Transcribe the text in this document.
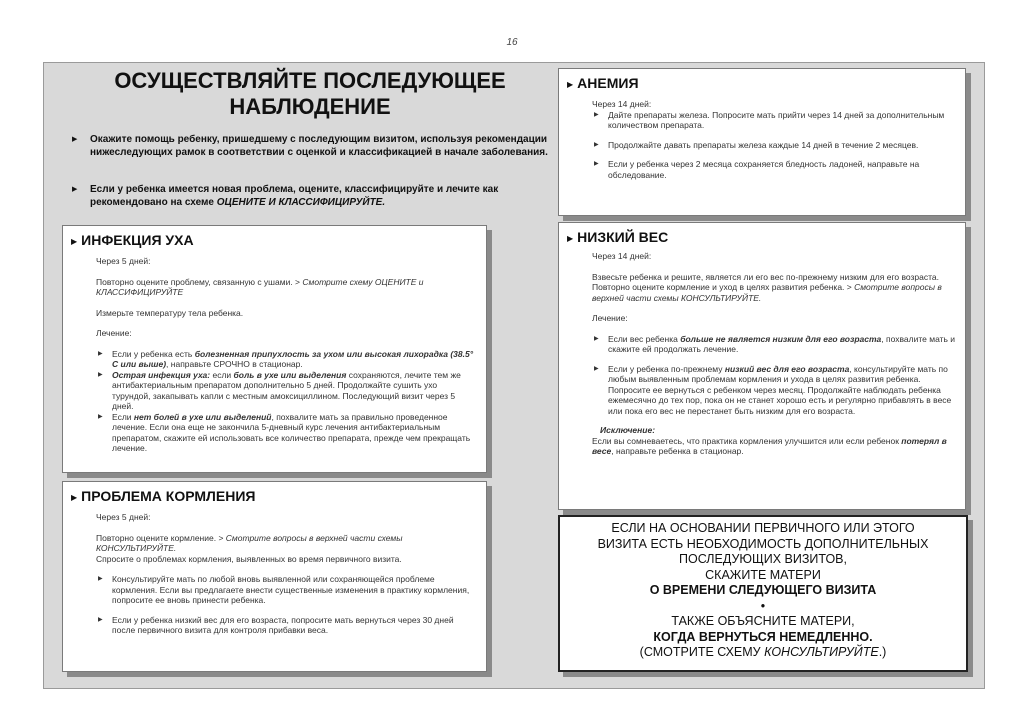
16
ОСУЩЕСТВЛЯЙТЕ ПОСЛЕДУЮЩЕЕ
НАБЛЮДЕНИЕ
▶	Окажите помощь ребенку, пришедшему с последующим визитом, используя рекомендации нижеследующих рамок в соответствии с оценкой и классификацией в начале заболевания.
▶	Если у ребенка имеется новая проблема, оцените, классифицируйте и лечите как рекомендовано на схеме ОЦЕНИТЕ И КЛАССИФИЦИРУЙТЕ.
▶ ИНФЕКЦИЯ УХА

Через 5 дней:

Повторно оцените проблему, связанную с ушами. > Смотрите схему ОЦЕНИТЕ и КЛАССИФИЦИРУЙТЕ

Измерьте температуру тела ребенка.

Лечение:

▶	Если у ребенка есть болезненная припухлость за ухом или высокая лихорадка (38.5° С или выше), направьте СРОЧНО в стационар.
▶	Острая инфекция уха: если боль в ухе или выделения сохраняются, лечите тем же антибактериальным препаратом дополнительно 5 дней. Продолжайте сушить ухо турундой, закапывать капли с местным амоксициллином. Последующий визит через 5 дней.
▶	Если нет болей в ухе или выделений, похвалите мать за правильно проведенное лечение. Если она еще не закончила 5-дневный курс лечения антибактериальным препаратом, скажите ей использовать все количество препарата, прежде чем прекращать лечение.
▶ ПРОБЛЕМА КОРМЛЕНИЯ

Через 5 дней:

Повторно оцените кормление. > Смотрите вопросы в верхней части схемы КОНСУЛЬТИРУЙТЕ.

Спросите о проблемах кормления, выявленных во время первичного визита.

▶	Консультируйте мать по любой вновь выявленной или сохраняющейся проблеме кормления. Если вы предлагаете внести существенные изменения в практику кормления, попросите ее вновь принести ребенка.
▶	Если у ребенка низкий вес для его возраста, попросите мать вернуться через 30 дней после первичного визита для контроля прибавки веса.
▶ АНЕМИЯ

Через 14 дней:

▶	Дайте препараты железа. Попросите мать прийти через 14 дней за дополнительным количеством препарата.
▶	Продолжайте давать препараты железа каждые 14 дней в течение 2 месяцев.
▶	Если у ребенка через 2 месяца сохраняется бледность ладоней, направьте на обследование.
▶ НИЗКИЙ ВЕС

Через 14 дней:

Взвесьте ребенка и решите, является ли его вес по-прежнему низким для его возраста.

Повторно оцените кормление и уход в целях развития ребенка. > Смотрите вопросы в верхней части схемы КОНСУЛЬТИРУЙТЕ.

Лечение:

▶	Если вес ребенка больше не является низким для его возраста, похвалите мать и скажите ей продолжать лечение.
▶	Если у ребенка по-прежнему низкий вес для его возраста, консультируйте мать по любым выявленным проблемам кормления и ухода в целях развития ребенка. Попросите ее вернуться с ребенком через месяц. Продолжайте наблюдать ребенка ежемесячно до тех пор, пока он не станет хорошо есть и регулярно прибавлять в весе или пока его вес не перестанет быть низким для его возраста.
Исключение:
Если вы сомневаетесь, что практика кормления улучшится или если ребенок потерял в весе, направьте ребенка в стационар.
ЕСЛИ НА ОСНОВАНИИ ПЕРВИЧНОГО ИЛИ ЭТОГО
ВИЗИТА ЕСТЬ НЕОБХОДИМОСТЬ ДОПОЛНИТЕЛЬНЫХ
ПОСЛЕДУЮЩИХ ВИЗИТОВ,
СКАЖИТЕ МАТЕРИ
О ВРЕМЕНИ СЛЕДУЮЩЕГО ВИЗИТА
•
ТАКЖЕ ОБЪЯСНИТЕ МАТЕРИ,
КОГДА ВЕРНУТЬСЯ НЕМЕДЛЕННО.
(СМОТРИТЕ СХЕМУ КОНСУЛЬТИРУЙТЕ.)
